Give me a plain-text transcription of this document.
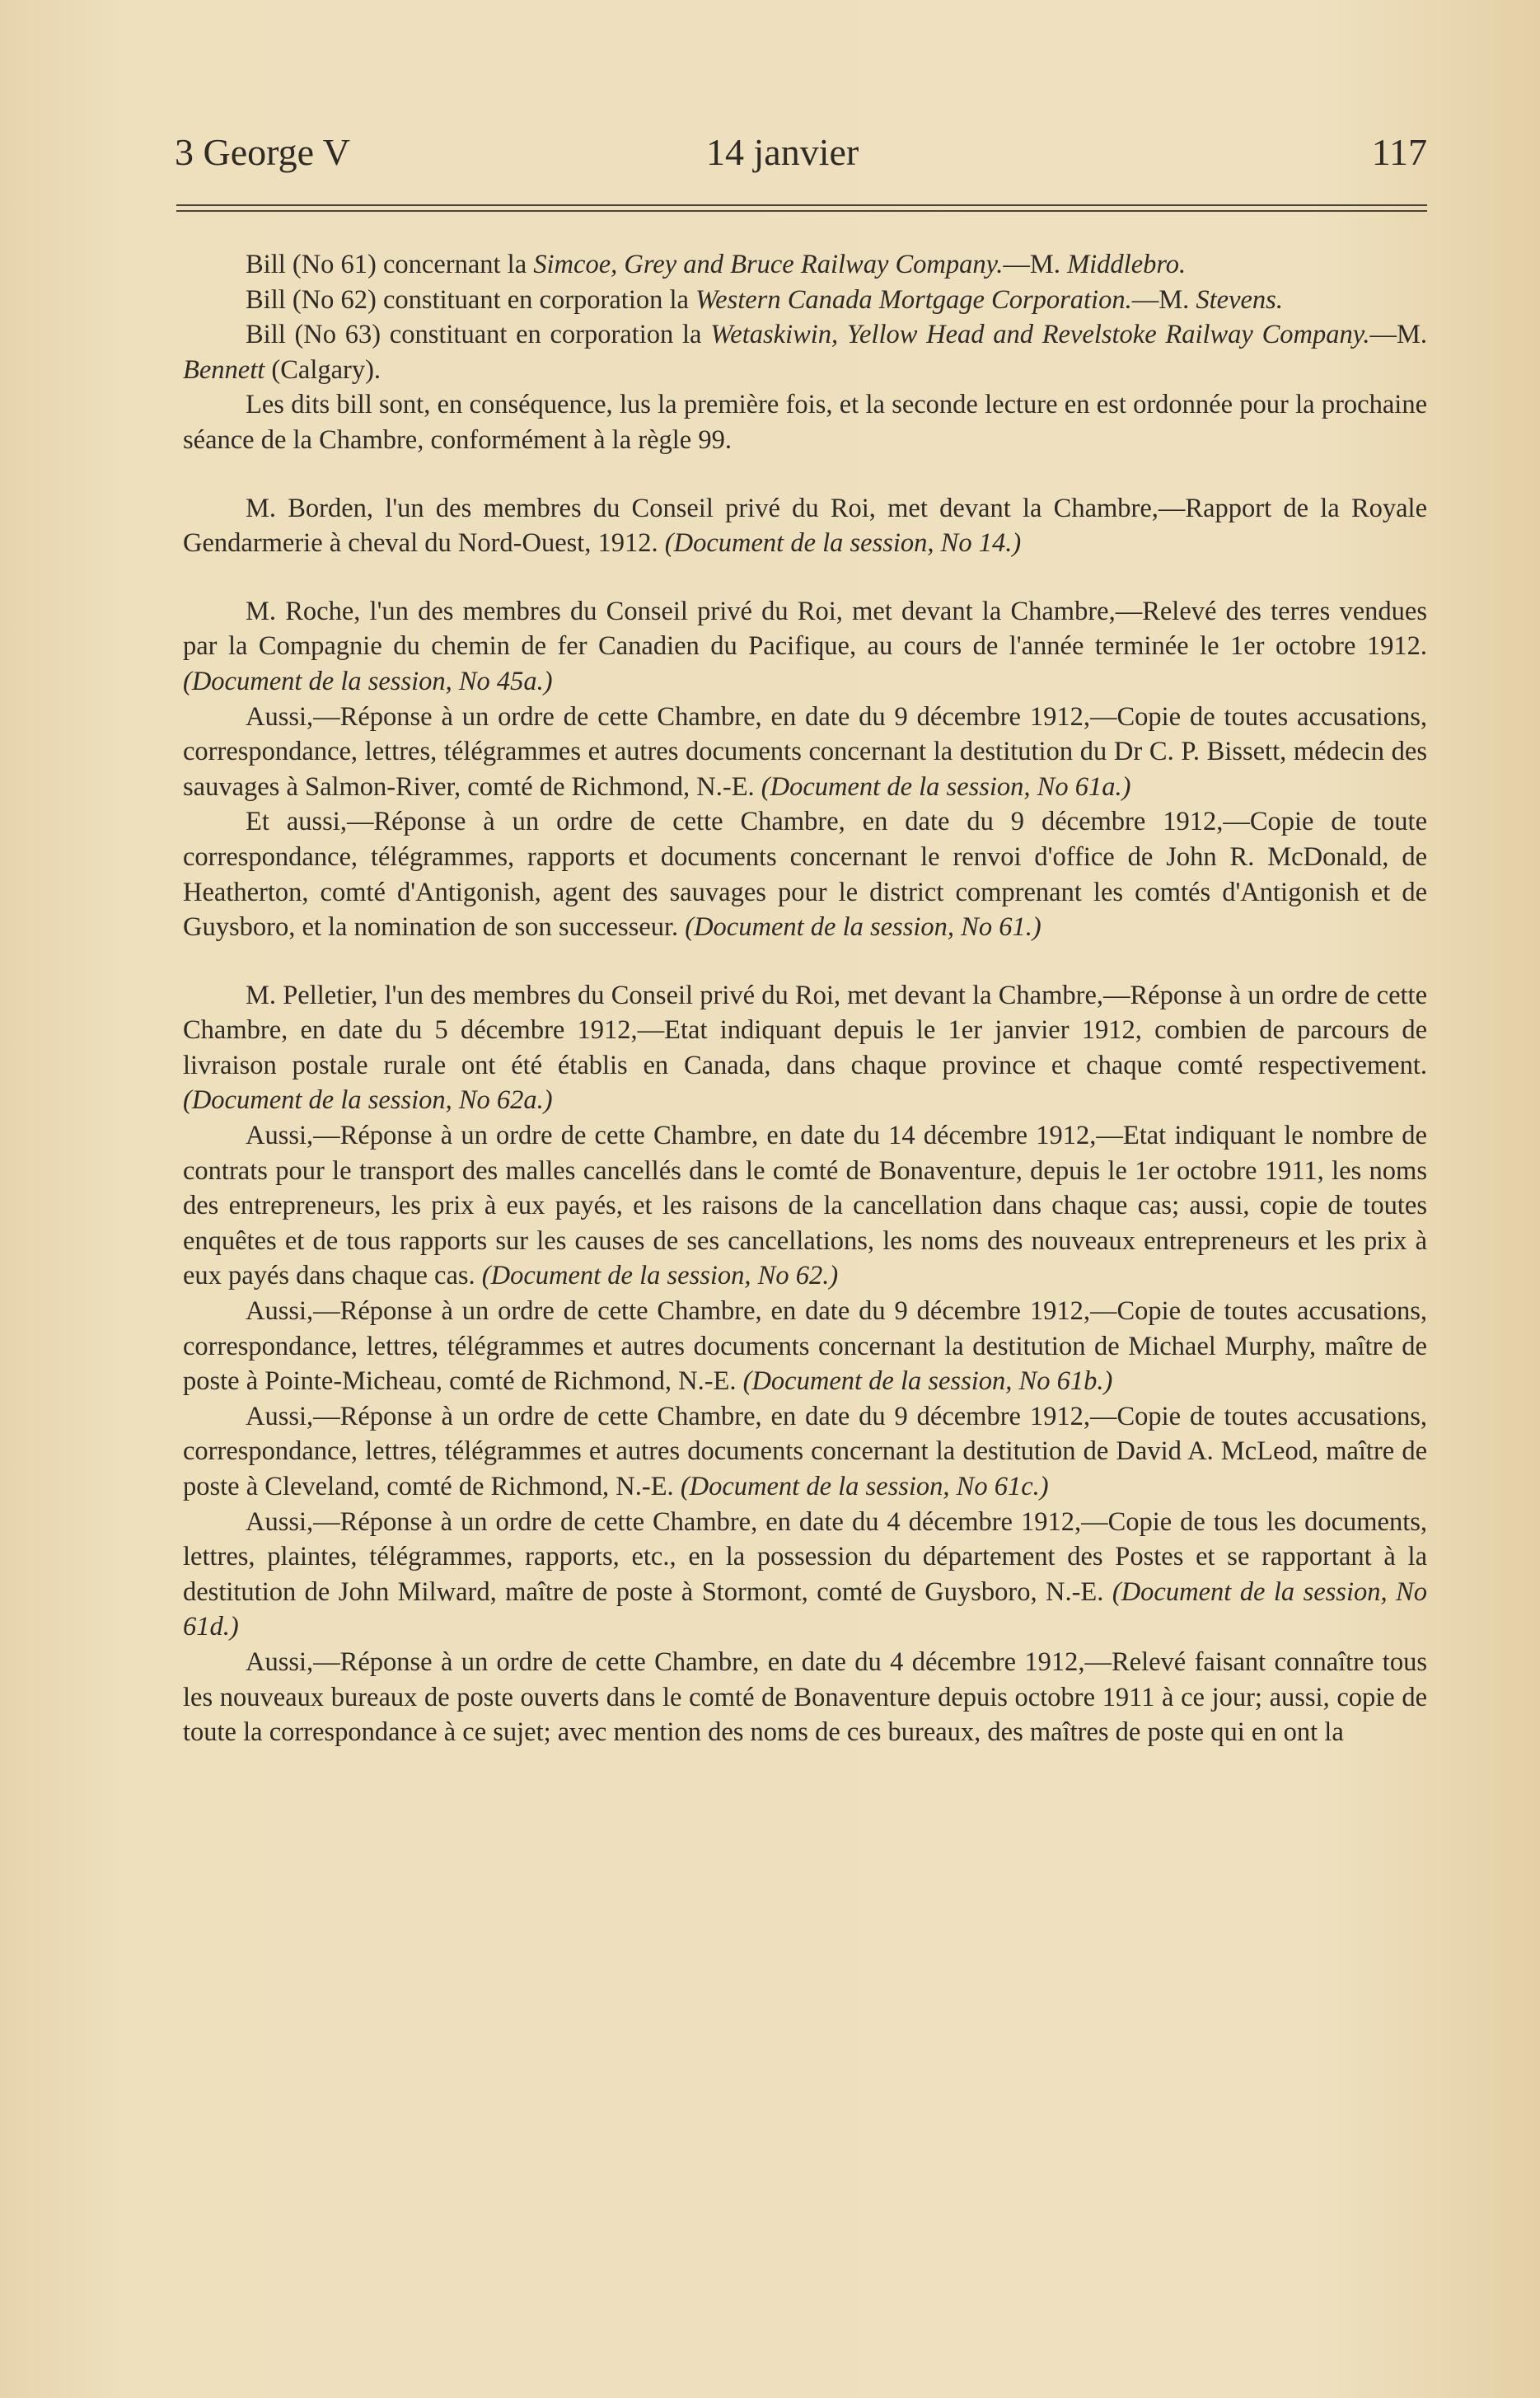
3 George V	14 janvier	117

Bill (No 61) concernant la Simcoe, Grey and Bruce Railway Company.—M. Middlebro.

Bill (No 62) constituant en corporation la Western Canada Mortgage Corporation.—M. Stevens.

Bill (No 63) constituant en corporation la Wetaskiwin, Yellow Head and Revelstoke Railway Company.—M. Bennett (Calgary).

Les dits bill sont, en conséquence, lus la première fois, et la seconde lecture en est ordonnée pour la prochaine séance de la Chambre, conformément à la règle 99.

M. Borden, l'un des membres du Conseil privé du Roi, met devant la Chambre,—Rapport de la Royale Gendarmerie à cheval du Nord-Ouest, 1912. (Document de la session, No 14.)

M. Roche, l'un des membres du Conseil privé du Roi, met devant la Chambre,—Relevé des terres vendues par la Compagnie du chemin de fer Canadien du Pacifique, au cours de l'année terminée le 1er octobre 1912. (Document de la session, No 45a.)

Aussi,—Réponse à un ordre de cette Chambre, en date du 9 décembre 1912,—Copie de toutes accusations, correspondance, lettres, télégrammes et autres documents concernant la destitution du Dr C. P. Bissett, médecin des sauvages à Salmon-River, comté de Richmond, N.-E. (Document de la session, No 61a.)

Et aussi,—Réponse à un ordre de cette Chambre, en date du 9 décembre 1912,—Copie de toute correspondance, télégrammes, rapports et documents concernant le renvoi d'office de John R. McDonald, de Heatherton, comté d'Antigonish, agent des sauvages pour le district comprenant les comtés d'Antigonish et de Guysboro, et la nomination de son successeur. (Document de la session, No 61.)

M. Pelletier, l'un des membres du Conseil privé du Roi, met devant la Chambre,—Réponse à un ordre de cette Chambre, en date du 5 décembre 1912,—Etat indiquant depuis le 1er janvier 1912, combien de parcours de livraison postale rurale ont été établis en Canada, dans chaque province et chaque comté respectivement. (Document de la session, No 62a.)

Aussi,—Réponse à un ordre de cette Chambre, en date du 14 décembre 1912,—Etat indiquant le nombre de contrats pour le transport des malles cancellés dans le comté de Bonaventure, depuis le 1er octobre 1911, les noms des entrepreneurs, les prix à eux payés, et les raisons de la cancellation dans chaque cas; aussi, copie de toutes enquêtes et de tous rapports sur les causes de ses cancellations, les noms des nouveaux entrepreneurs et les prix à eux payés dans chaque cas. (Document de la session, No 62.)

Aussi,—Réponse à un ordre de cette Chambre, en date du 9 décembre 1912,—Copie de toutes accusations, correspondance, lettres, télégrammes et autres documents concernant la destitution de Michael Murphy, maître de poste à Pointe-Micheau, comté de Richmond, N.-E. (Document de la session, No 61b.)

Aussi,—Réponse à un ordre de cette Chambre, en date du 9 décembre 1912,—Copie de toutes accusations, correspondance, lettres, télégrammes et autres documents concernant la destitution de David A. McLeod, maître de poste à Cleveland, comté de Richmond, N.-E. (Document de la session, No 61c.)

Aussi,—Réponse à un ordre de cette Chambre, en date du 4 décembre 1912,—Copie de tous les documents, lettres, plaintes, télégrammes, rapports, etc., en la possession du département des Postes et se rapportant à la destitution de John Milward, maître de poste à Stormont, comté de Guysboro, N.-E. (Document de la session, No 61d.)

Aussi,—Réponse à un ordre de cette Chambre, en date du 4 décembre 1912,—Relevé faisant connaître tous les nouveaux bureaux de poste ouverts dans le comté de Bonaventure depuis octobre 1911 à ce jour; aussi, copie de toute la correspondance à ce sujet; avec mention des noms de ces bureaux, des maîtres de poste qui en ont la
